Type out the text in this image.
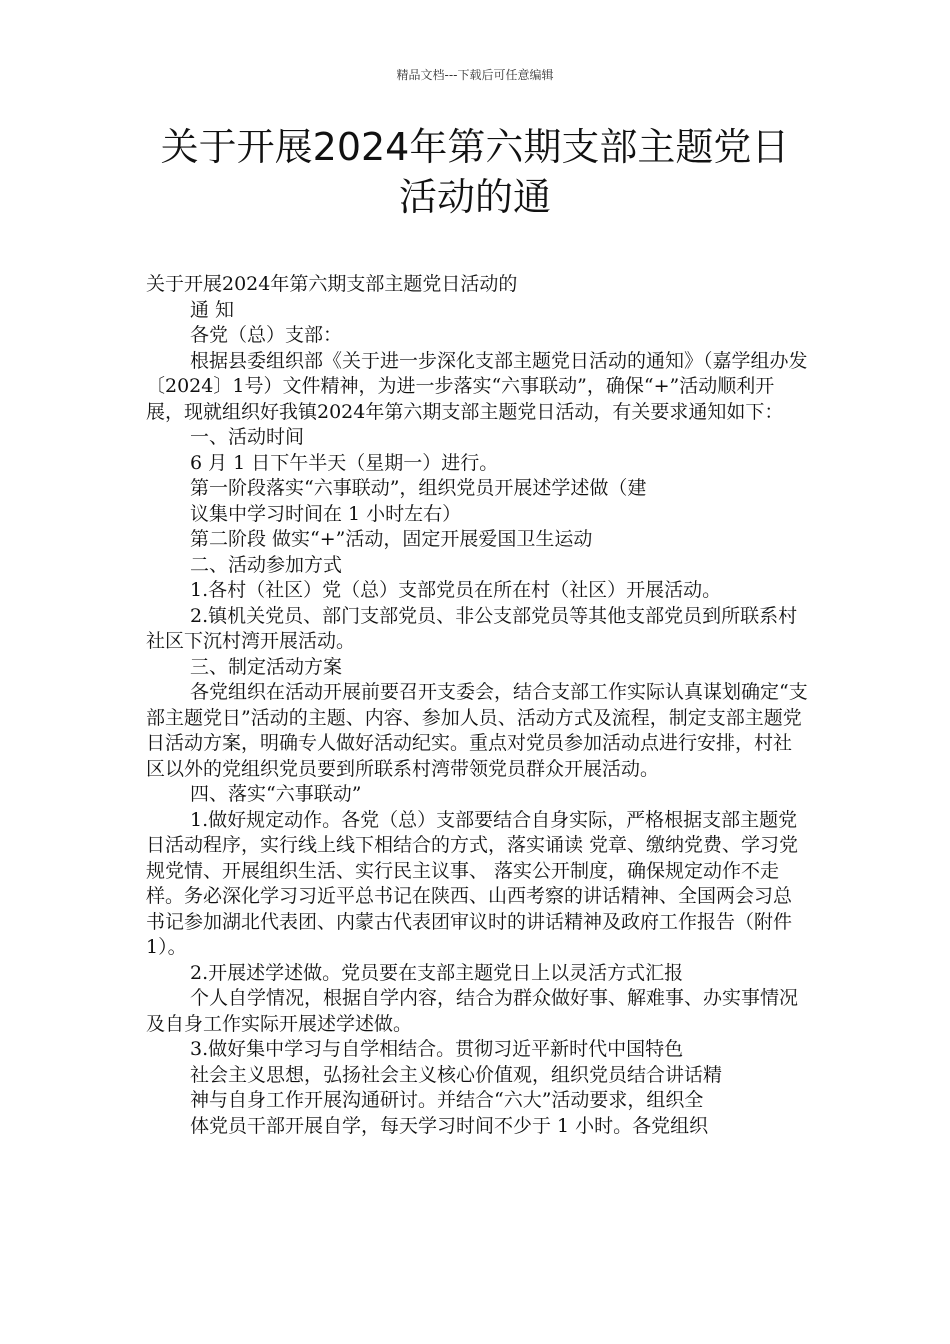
精品文档---下载后可任意编辑
关于开展2024年第六期支部主题党日
活动的通

关于开展2024年第六期支部主题党日活动的

通 知

各党（总）支部：

根据县委组织部《关于进一步深化支部主题党日活动的通知》（嘉学组办发〔2024〕1号）文件精神，为进一步落实“六事联动”，确保“+”活动顺利开展，现就组织好我镇2024年第六期支部主题党日活动，有关要求通知如下：

一、活动时间

6 月 1 日下午半天（星期一）进行。

第一阶段落实“六事联动”，组织党员开展述学述做（建

议集中学习时间在 1 小时左右）

第二阶段 做实“+”活动，固定开展爱国卫生运动

二、活动参加方式

1.各村（社区）党（总）支部党员在所在村（社区）开展活动。

2.镇机关党员、部门支部党员、非公支部党员等其他支部党员到所联系村社区下沉村湾开展活动。

三、制定活动方案

各党组织在活动开展前要召开支委会，结合支部工作实际认真谋划确定“支部主题党日”活动的主题、内容、参加人员、活动方式及流程，制定支部主题党日活动方案，明确专人做好活动纪实。重点对党员参加活动点进行安排，村社区以外的党组织党员要到所联系村湾带领党员群众开展活动。

四、落实“六事联动”

1.做好规定动作。各党（总）支部要结合自身实际，严格根据支部主题党日活动程序，实行线上线下相结合的方式，落实诵读 党章、缴纳党费、学习党规党情、开展组织生活、实行民主议事、 落实公开制度，确保规定动作不走样。务必深化学习习近平总书记在陕西、山西考察的讲话精神、全国两会习总书记参加湖北代表团、内蒙古代表团审议时的讲话精神及政府工作报告（附件1）。

2.开展述学述做。党员要在支部主题党日上以灵活方式汇报

个人自学情况，根据自学内容，结合为群众做好事、解难事、办实事情况及自身工作实际开展述学述做。

3.做好集中学习与自学相结合。贯彻习近平新时代中国特色

社会主义思想，弘扬社会主义核心价值观，组织党员结合讲话精

神与自身工作开展沟通研讨。并结合“六大”活动要求，组织全

体党员干部开展自学，每天学习时间不少于 1 小时。各党组织
